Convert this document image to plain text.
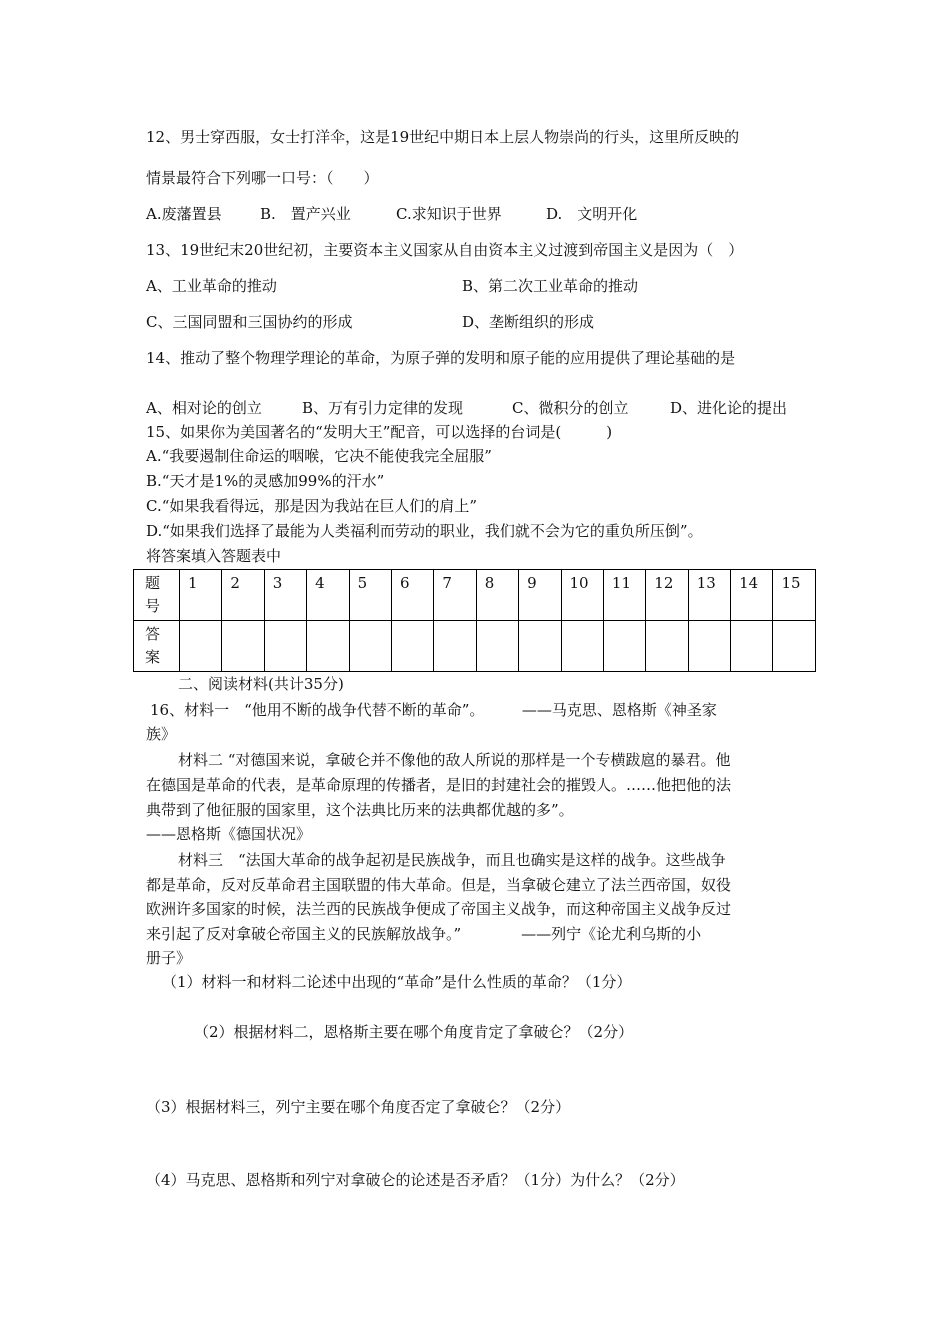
12、男士穿西服，女士打洋伞，这是19世纪中期日本上层人物崇尚的行头，这里所反映的
情景最符合下列哪一口号：（　　）
A.废藩置县	B.　置产兴业	C.求知识于世界	D.　文明开化
13、19世纪末20世纪初，主要资本主义国家从自由资本主义过渡到帝国主义是因为（　）
A、工业革命的推动	B、第二次工业革命的推动
C、三国同盟和三国协约的形成	D、垄断组织的形成
14、推动了整个物理学理论的革命，为原子弹的发明和原子能的应用提供了理论基础的是
A、相对论的创立	B、万有引力定律的发现	C、微积分的创立	D、进化论的提出
15、如果你为美国著名的“发明大王”配音，可以选择的台词是(　　　)
A.“我要遏制住命运的咽喉，它决不能使我完全屈服”
B.“天才是1%的灵感加99%的汗水”
C.“如果我看得远，那是因为我站在巨人们的肩上”
D.“如果我们选择了最能为人类福利而劳动的职业，我们就不会为它的重负所压倒”。
将答案填入答题表中
题
号	1	2	3	4	5	6	7	8	9	10	11	12	13	14	15
答
案															
二、阅读材料(共计35分)
16、材料一　“他用不断的战争代替不断的革命”。　　　——马克思、恩格斯《神圣家
族》
材料二 “对德国来说，拿破仑并不像他的敌人所说的那样是一个专横跋扈的暴君。他
在德国是革命的代表，是革命原理的传播者，是旧的封建社会的摧毁人。……他把他的法
典带到了他征服的国家里，这个法典比历来的法典都优越的多”。
——恩格斯《德国状况》
材料三　“法国大革命的战争起初是民族战争，而且也确实是这样的战争。这些战争
都是革命，反对反革命君主国联盟的伟大革命。但是，当拿破仑建立了法兰西帝国，奴役
欧洲许多国家的时候，法兰西的民族战争便成了帝国主义战争，而这种帝国主义战争反过
来引起了反对拿破仑帝国主义的民族解放战争。”　　　　——列宁《论尤利乌斯的小
册子》
（1）材料一和材料二论述中出现的“革命”是什么性质的革命？（1分）
（2）根据材料二，恩格斯主要在哪个角度肯定了拿破仑？（2分）
（3）根据材料三，列宁主要在哪个角度否定了拿破仑？（2分）
（4）马克思、恩格斯和列宁对拿破仑的论述是否矛盾？（1分）为什么？（2分）
